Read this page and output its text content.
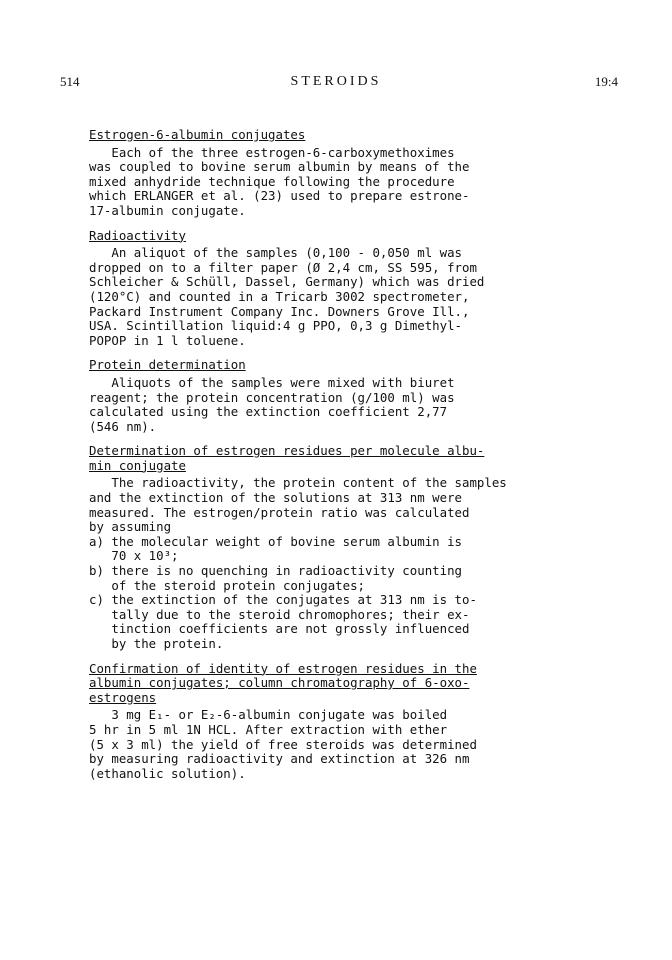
514	STEROIDS	19:4
Estrogen-6-albumin conjugates
Each of the three estrogen-6-carboxymethoximes
was coupled to bovine serum albumin by means of the
mixed anhydride technique following the procedure
which ERLANGER et al. (23) used to prepare estrone-
17-albumin conjugate.
Radioactivity
An aliquot of the samples (0,100 - 0,050 ml was
dropped on to a filter paper (Ø 2,4 cm, SS 595, from
Schleicher & Schüll, Dassel, Germany) which was dried
(120°C) and counted in a Tricarb 3002 spectrometer,
Packard Instrument Company Inc. Downers Grove Ill.,
USA. Scintillation liquid:4 g PPO, 0,3 g Dimethyl-
POPOP in 1 l toluene.
Protein determination
Aliquots of the samples were mixed with biuret
reagent; the protein concentration (g/100 ml) was
calculated using the extinction coefficient 2,77
(546 nm).
Determination of estrogen residues per molecule albu-
min conjugate
The radioactivity, the protein content of the samples
and the extinction of the solutions at 313 nm were
measured. The estrogen/protein ratio was calculated
by assuming
a) the molecular weight of bovine serum albumin is
70 x 10³;
b) there is no quenching in radioactivity counting
of the steroid protein conjugates;
c) the extinction of the conjugates at 313 nm is to-
tally due to the steroid chromophores; their ex-
tinction coefficients are not grossly influenced
by the protein.
Confirmation of identity of estrogen residues in the
albumin conjugates; column chromatography of 6-oxo-
estrogens
3 mg E₁- or E₂-6-albumin conjugate was boiled
5 hr in 5 ml 1N HCL. After extraction with ether
(5 x 3 ml) the yield of free steroids was determined
by measuring radioactivity and extinction at 326 nm
(ethanolic solution).
